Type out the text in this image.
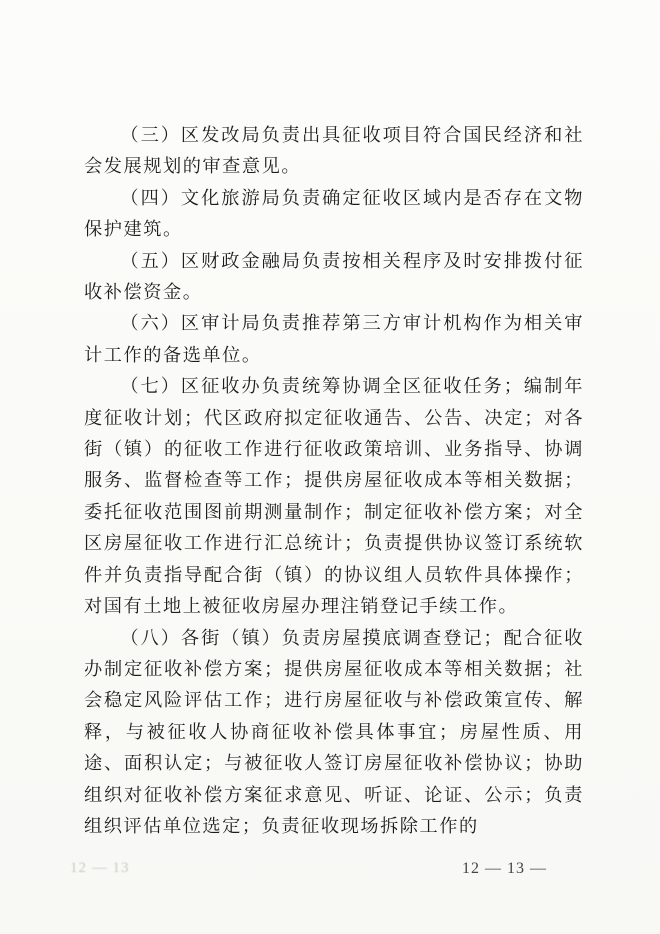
（三）区发改局负责出具征收项目符合国民经济和社会发展规划的审查意见。

（四）文化旅游局负责确定征收区域内是否存在文物保护建筑。

（五）区财政金融局负责按相关程序及时安排拨付征收补偿资金。

（六）区审计局负责推荐第三方审计机构作为相关审计工作的备选单位。

（七）区征收办负责统筹协调全区征收任务；编制年度征收计划；代区政府拟定征收通告、公告、决定；对各街（镇）的征收工作进行征收政策培训、业务指导、协调服务、监督检查等工作；提供房屋征收成本等相关数据；委托征收范围图前期测量制作；制定征收补偿方案；对全区房屋征收工作进行汇总统计；负责提供协议签订系统软件并负责指导配合街（镇）的协议组人员软件具体操作；对国有土地上被征收房屋办理注销登记手续工作。

（八）各街（镇）负责房屋摸底调查登记；配合征收办制定征收补偿方案；提供房屋征收成本等相关数据；社会稳定风险评估工作；进行房屋征收与补偿政策宣传、解释，与被征收人协商征收补偿具体事宜；房屋性质、用途、面积认定；与被征收人签订房屋征收补偿协议；协助组织对征收补偿方案征求意见、听证、论证、公示；负责组织评估单位选定；负责征收现场拆除工作的

12 — 13	12 — 13 —
